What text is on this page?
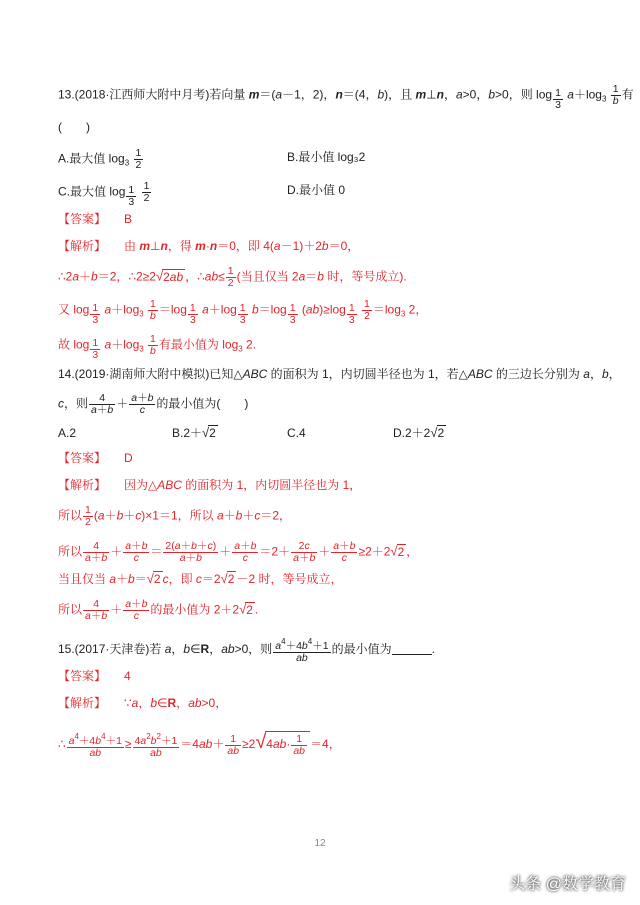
13.(2018·江西师大附中月考)若向量 m＝(a－1，2)，n＝(4，b)，且 m⊥n，a>0，b>0，则 log $_{\frac{1}{3}}$ $a+\log_3 \frac{1}{b}$ 有
(　　)
A.最大值 $\log_3 \frac{1}{2}$	B.最小值 log₃2
C.最大值 log $_{\frac{1}{3}}$
$\frac{1}{2}$	D.最小值 0
【答案】 B
【解析】 由 m⊥n，得 m·n＝0，即 4(a－1)＋2b＝0，
∴2a＋b＝2，∴2≥2√2ab ，∴ab≤ $\frac{1}{2}$ (当且仅当 2a＝b 时，等号成立).
又 log $_{\frac{1}{3}}$ $a+\log_3 \frac{1}{b} =\log$ $_{\frac{1}{3}}$ a＋log $_{\frac{1}{3}}$ b＝log $_{\frac{1}{3}}$ (ab)≥log $_{\frac{1}{3}}$
$\frac{1}{2} =\log_3$ 2，
故 log $_{\frac{1}{3}}$ $a+\log_3 \frac{1}{b}$ 有最小值为 $\log_3 2$.
14.(2019·湖南师大附中模拟)已知△ABC 的面积为 1，内切圆半径也为 1，若△ABC 的三边长分别为 a，b，
c，则 $\frac{4}{a+b} + \frac{a+b}{c}$ 的最小值为(　　)
A.2	B.2＋√2	C.4	D.2＋2√2
【答案】 D
【解析】 因为△ABC 的面积为 1，内切圆半径也为 1，
所以 $\frac{1}{2} (a+b+c)\times 1=1$，所以 a＋b＋c＝2，
所以 $\frac{4}{a+b} + \frac{a+b}{c} = \frac{2(a+b+c)}{a+b} + \frac{a+b}{c} =2+ \frac{2c}{a+b} + \frac{a+b}{c} \ge 2+2√2$ ，
当且仅当 a＋b＝√2 c，即 c＝2√2 －2 时，等号成立，
所以 $\frac{4}{a+b} + \frac{a+b}{c}$ 的最小值为 2＋2√2 .
15.(2017·天津卷)若 a，b∈R，ab>0，则 $\frac{a^4+4b^4+1}{ab}$ 的最小值为	.
【答案】 4
【解析】 ∵a，b∈R，ab>0，
∴ $\frac{a^4+4b^4+1}{ab} \ge \frac{4a^2b^2+1}{ab} =4ab+ \frac{1}{ab} \ge 2√4ab\cdot \frac{1}{ab} =4$，
12
头条 @数学教育
